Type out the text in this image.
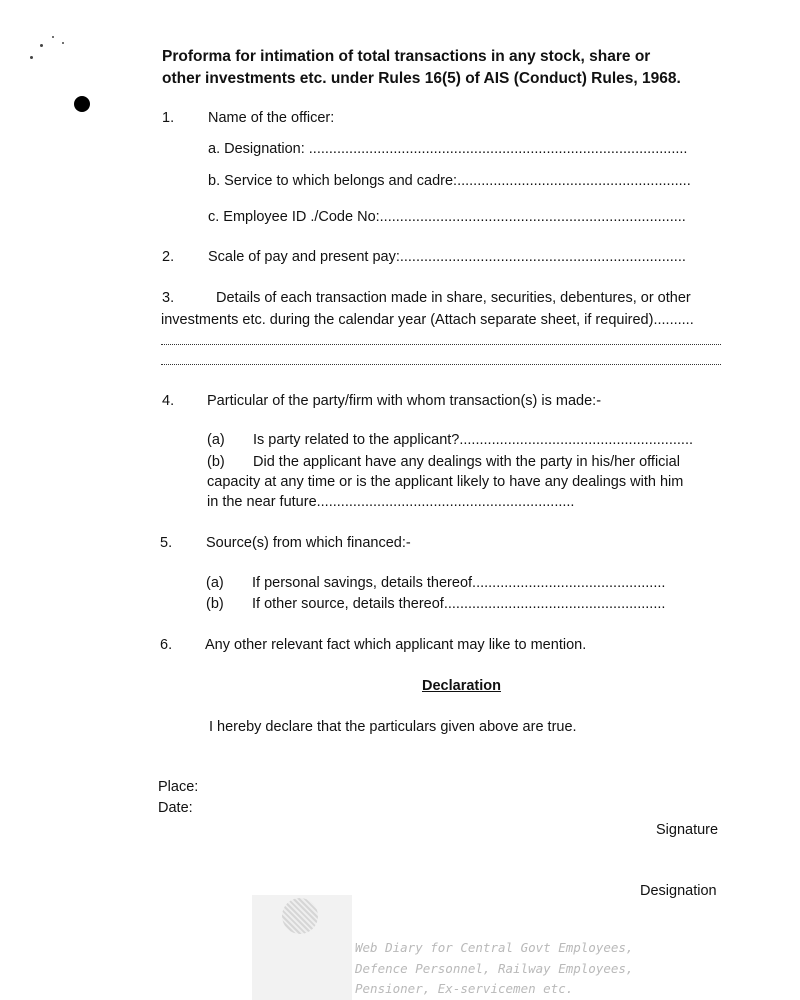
Proforma for intimation of total transactions in any stock, share or
other investments etc. under Rules 16(5) of AIS (Conduct) Rules, 1968.
1. Name of the officer:
a. Designation: ..............................................................................................
b. Service to which belongs and cadre:..........................................................
c. Employee ID ./Code No:............................................................................
2. Scale of pay and present pay:.......................................................................
3.	Details of each transaction made in share, securities, debentures, or other
investments etc. during the calendar year (Attach separate sheet, if required)..........
4. Particular of the party/firm with whom transaction(s) is made:-
(a) Is party related to the applicant?..........................................................
(b) Did the applicant have any dealings with the party in his/her official
capacity at any time or is the applicant likely to have any dealings with him
in the near future................................................................
5. Source(s) from which financed:-
(a) If personal savings, details thereof................................................
(b) If other source, details thereof.......................................................
6. Any other relevant fact which applicant may like to mention.
Declaration
I hereby declare that the particulars given above are true.
Place:
Date:
Signature
Designation
Web Diary for Central Govt Employees,
Defence Personnel, Railway Employees,
Pensioner, Ex-servicemen etc.
